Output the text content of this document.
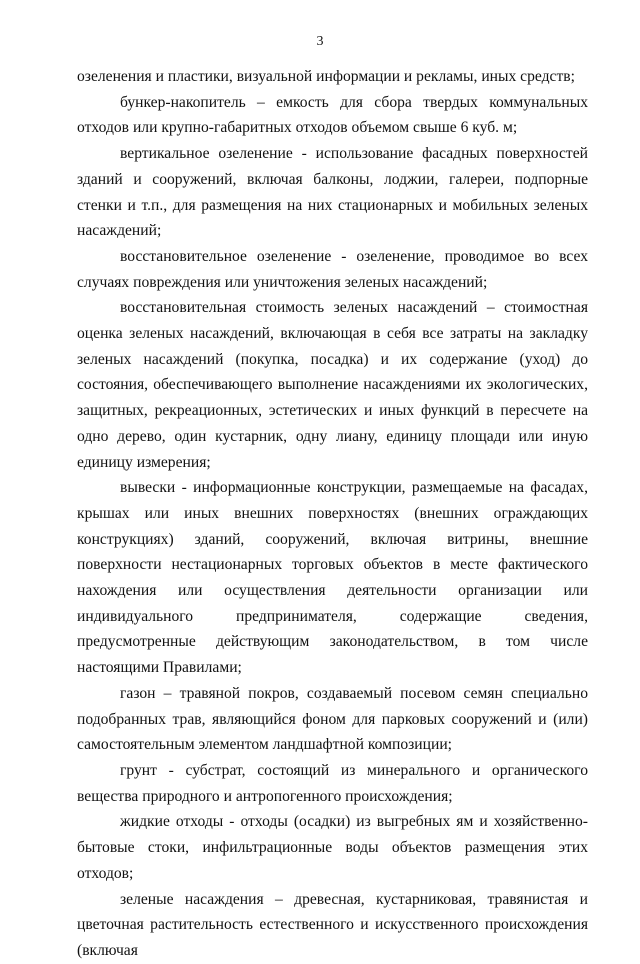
3

озеленения и пластики, визуальной информации и рекламы, иных средств;

бункер-накопитель – емкость для сбора твердых коммунальных отходов или крупно-габаритных отходов объемом свыше 6 куб. м;

вертикальное озеленение - использование фасадных поверхностей зданий и сооружений, включая балконы, лоджии, галереи, подпорные стенки и т.п., для размещения на них стационарных и мобильных зеленых насаждений;

восстановительное озеленение - озеленение, проводимое во всех случаях повреждения или уничтожения зеленых насаждений;

восстановительная стоимость зеленых насаждений – стоимостная оценка зеленых насаждений, включающая в себя все затраты на закладку зеленых насаждений (покупка, посадка) и их содержание (уход) до состояния, обеспечивающего выполнение насаждениями их экологических, защитных, рекреационных, эстетических и иных функций в пересчете на одно дерево, один кустарник, одну лиану, единицу площади или иную единицу измерения;

вывески - информационные конструкции, размещаемые на фасадах, крышах или иных внешних поверхностях (внешних ограждающих конструкциях) зданий, сооружений, включая витрины, внешние поверхности нестационарных торговых объектов в месте фактического нахождения или осуществления деятельности организации или индивидуального предпринимателя, содержащие сведения, предусмотренные действующим законодательством, в том числе настоящими Правилами;

газон – травяной покров, создаваемый посевом семян специально подобранных трав, являющийся фоном для парковых сооружений и (или) самостоятельным элементом ландшафтной композиции;

грунт - субстрат, состоящий из минерального и органического вещества природного и антропогенного происхождения;

жидкие отходы - отходы (осадки) из выгребных ям и хозяйственно-бытовые стоки, инфильтрационные воды объектов размещения этих отходов;

зеленые насаждения – древесная, кустарниковая, травянистая и цветочная растительность естественного и искусственного происхождения (включая
